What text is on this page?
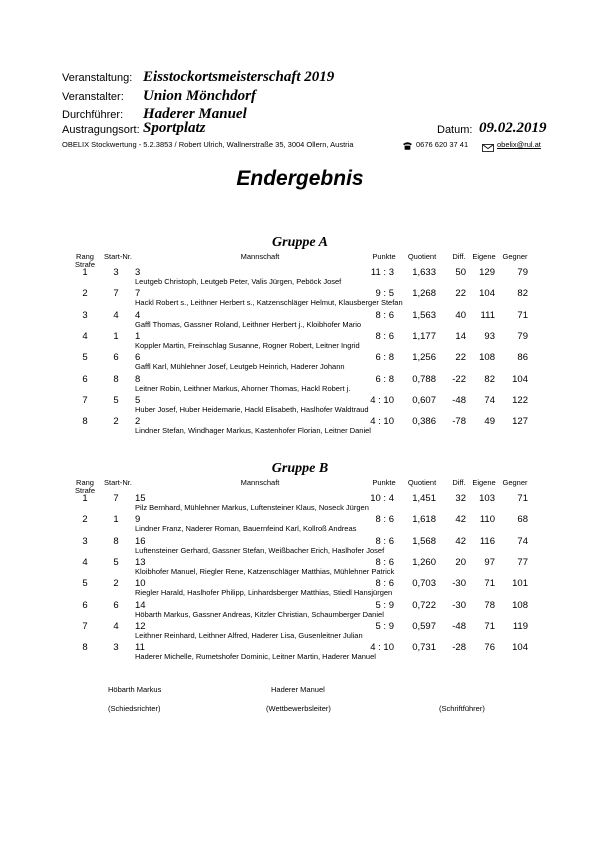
Veranstaltung: Eisstockortsmeisterschaft 2019
Veranstalter: Union Mönchdorf
Durchführer: Haderer Manuel
Austragungsort: Sportplatz	Datum: 09.02.2019
OBELIX Stockwertung - 5.2.3853 / Robert Ulrich, Wallnerstraße 35, 3004 Ollern, Austria	0676 620 37 41	obelix@rul.at
Endergebnis
Gruppe A
Rang
Strafe
Start-Nr.	Mannschaft	Punkte	Quotient	Diff. Eigene Gegner
1	3	3	11 : 3	1,633	50	129	79
Leutgeb Christoph, Leutgeb Peter, Valis Jürgen, Peböck Josef
2	7	7	9 : 5	1,268	22	104	82
Hackl Robert s., Leithner Herbert s., Katzenschläger Helmut, Klausberger Stefan
3	4	4	8 : 6	1,563	40	111	71
Gaffl Thomas, Gassner Roland, Leithner Herbert j., Kloibhofer Mario
4	1	1	8 : 6	1,177	14	93	79
Koppler Martin, Freinschlag Susanne, Rogner Robert, Leitner Ingrid
5	6	6	6 : 8	1,256	22	108	86
Gaffl Karl, Mühlehner Josef, Leutgeb Heinrich, Haderer Johann
6	8	8	6 : 8	0,788	-22	82	104
Leitner Robin, Leithner Markus, Ahorner Thomas, Hackl Robert j.
7	5	5	4 : 10	0,607	-48	74	122
Huber Josef, Huber Heidemarie, Hackl Elisabeth, Haslhofer Waldtraud
8	2	2	4 : 10	0,386	-78	49	127
Lindner Stefan, Windhager Markus, Kastenhofer Florian, Leitner Daniel
Gruppe B
Rang
Strafe
Start-Nr.	Mannschaft	Punkte	Quotient	Diff. Eigene Gegner
1	7	15	10 : 4	1,451	32	103	71
Pilz Bernhard, Mühlehner Markus, Luftensteiner Klaus, Noseck Jürgen
2	1	9	8 : 6	1,618	42	110	68
Lindner Franz, Naderer Roman, Bauernfeind Karl, Kollroß Andreas
3	8	16	8 : 6	1,568	42	116	74
Luftensteiner Gerhard, Gassner Stefan, Weißbacher Erich, Haslhofer Josef
4	5	13	8 : 6	1,260	20	97	77
Kloibhofer Manuel, Riegler Rene, Katzenschläger Matthias, Mühlehner Patrick
5	2	10	8 : 6	0,703	-30	71	101
Riegler Harald, Haslhofer Philipp, Linhardsberger Matthias, Stiedl Hansjürgen
6	6	14	5 : 9	0,722	-30	78	108
Höbarth Markus, Gassner Andreas, Kitzler Christian, Schaumberger Daniel
7	4	12	5 : 9	0,597	-48	71	119
Leithner Reinhard, Leithner Alfred, Haderer Lisa, Gusenleitner Julian
8	3	11	4 : 10	0,731	-28	76	104
Haderer Michelle, Rumetshofer Dominic, Leitner Martin, Haderer Manuel
Höbarth Markus	Haderer Manuel
(Schiedsrichter)	(Wettbewerbsleiter)	(Schriftführer)
